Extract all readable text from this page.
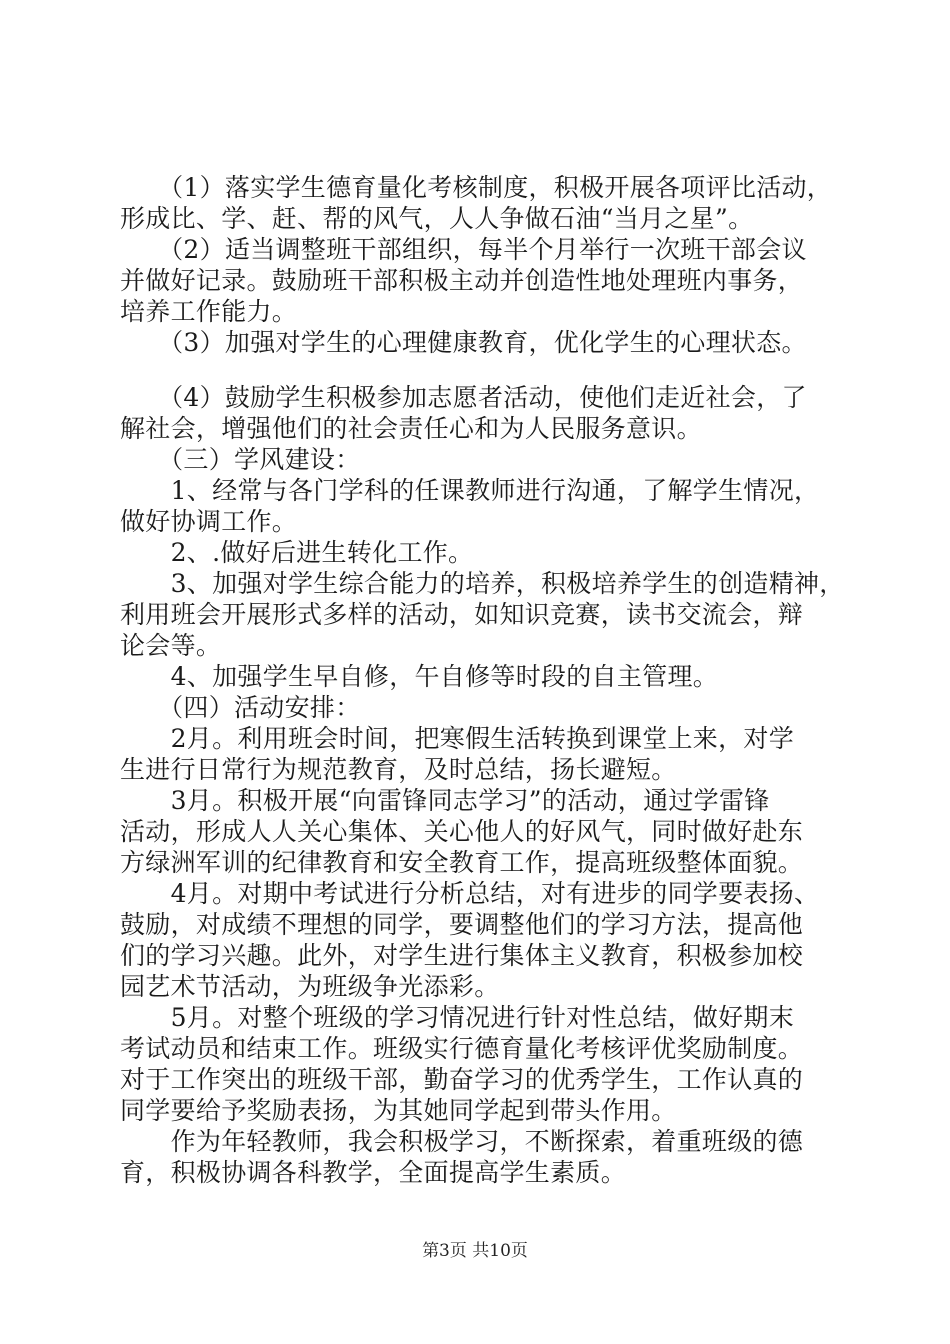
　　（1）落实学生德育量化考核制度，积极开展各项评比活动，
形成比、学、赶、帮的风气，人人争做石油“当月之星”。
　　（2）适当调整班干部组织，每半个月举行一次班干部会议
并做好记录。鼓励班干部积极主动并创造性地处理班内事务，
培养工作能力。
　　（3）加强对学生的心理健康教育，优化学生的心理状态。
　　（4）鼓励学生积极参加志愿者活动，使他们走近社会，了
解社会，增强他们的社会责任心和为人民服务意识。
　　（三）学风建设：
　　1、经常与各门学科的任课教师进行沟通，了解学生情况，
做好协调工作。
　　2、.做好后进生转化工作。
　　3、加强对学生综合能力的培养，积极培养学生的创造精神，
利用班会开展形式多样的活动，如知识竞赛，读书交流会，辩
论会等。
　　4、加强学生早自修，午自修等时段的自主管理。
　　（四）活动安排：
　　2月。利用班会时间，把寒假生活转换到课堂上来，对学
生进行日常行为规范教育，及时总结，扬长避短。
　　3月。积极开展“向雷锋同志学习”的活动，通过学雷锋
活动，形成人人关心集体、关心他人的好风气，同时做好赴东
方绿洲军训的纪律教育和安全教育工作，提高班级整体面貌。
　　4月。对期中考试进行分析总结，对有进步的同学要表扬、
鼓励，对成绩不理想的同学，要调整他们的学习方法，提高他
们的学习兴趣。此外，对学生进行集体主义教育，积极参加校
园艺术节活动，为班级争光添彩。
　　5月。对整个班级的学习情况进行针对性总结，做好期末
考试动员和结束工作。班级实行德育量化考核评优奖励制度。
对于工作突出的班级干部，勤奋学习的优秀学生，工作认真的
同学要给予奖励表扬，为其她同学起到带头作用。
　　作为年轻教师，我会积极学习，不断探索，着重班级的德
育，积极协调各科教学，全面提高学生素质。
第3页 共10页
